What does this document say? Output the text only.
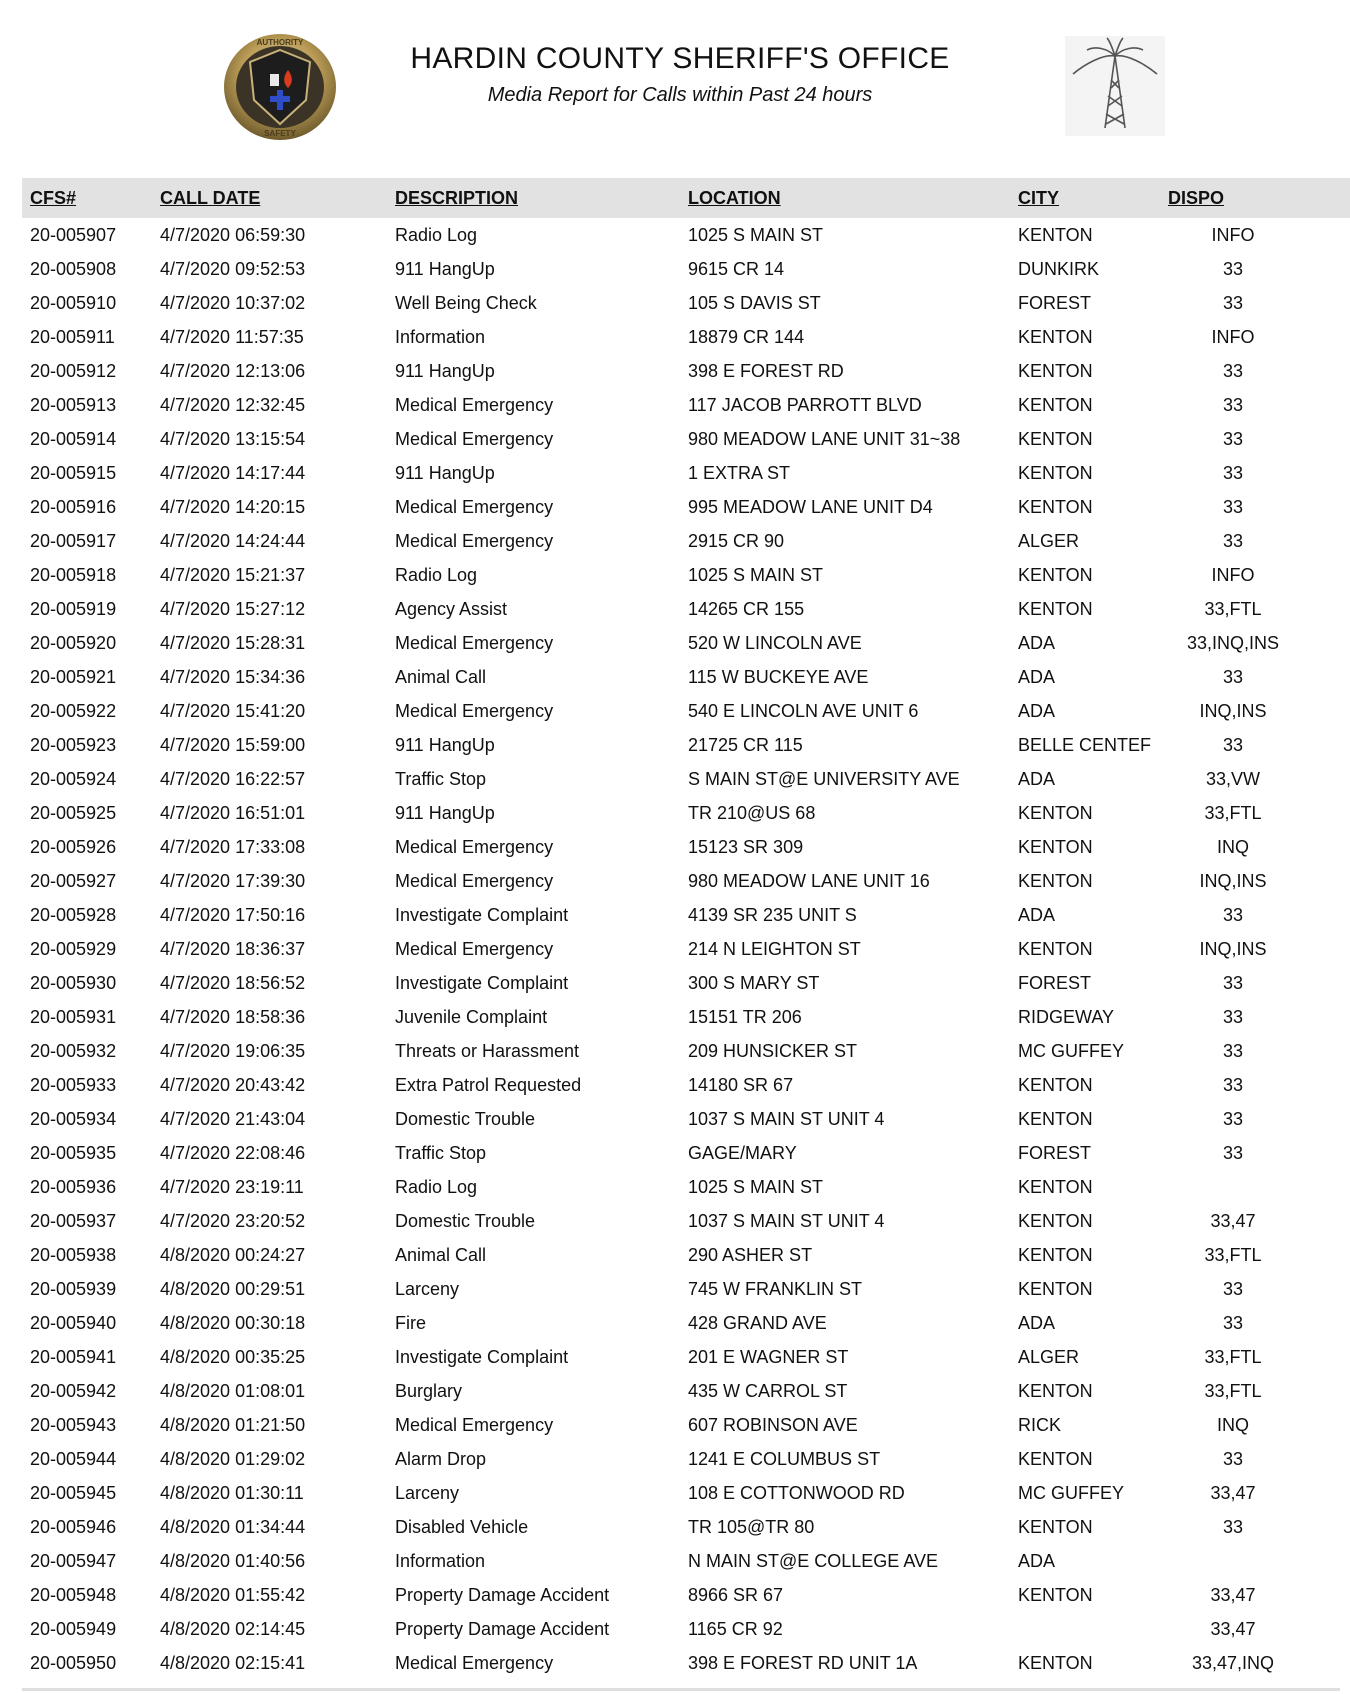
AUTHORITY
SAFETY
HARDIN COUNTY SHERIFF'S OFFICE
Media Report for Calls within Past 24 hours
CFS#	CALL DATE	DESCRIPTION	LOCATION	CITY	DISPO
20-005907	4/7/2020 06:59:30	Radio Log	1025 S MAIN ST	KENTON	INFO
20-005908	4/7/2020 09:52:53	911 HangUp	9615 CR 14	DUNKIRK	33
20-005910	4/7/2020 10:37:02	Well Being Check	105 S DAVIS ST	FOREST	33
20-005911	4/7/2020 11:57:35	Information	18879 CR 144	KENTON	INFO
20-005912	4/7/2020 12:13:06	911 HangUp	398 E FOREST RD	KENTON	33
20-005913	4/7/2020 12:32:45	Medical Emergency	117 JACOB PARROTT BLVD	KENTON	33
20-005914	4/7/2020 13:15:54	Medical Emergency	980 MEADOW LANE UNIT 31~38	KENTON	33
20-005915	4/7/2020 14:17:44	911 HangUp	1 EXTRA ST	KENTON	33
20-005916	4/7/2020 14:20:15	Medical Emergency	995 MEADOW LANE UNIT D4	KENTON	33
20-005917	4/7/2020 14:24:44	Medical Emergency	2915 CR 90	ALGER	33
20-005918	4/7/2020 15:21:37	Radio Log	1025 S MAIN ST	KENTON	INFO
20-005919	4/7/2020 15:27:12	Agency Assist	14265 CR 155	KENTON	33,FTL
20-005920	4/7/2020 15:28:31	Medical Emergency	520 W LINCOLN AVE	ADA	33,INQ,INS
20-005921	4/7/2020 15:34:36	Animal Call	115 W BUCKEYE AVE	ADA	33
20-005922	4/7/2020 15:41:20	Medical Emergency	540 E LINCOLN AVE UNIT 6	ADA	INQ,INS
20-005923	4/7/2020 15:59:00	911 HangUp	21725 CR 115	BELLE CENTEF	33
20-005924	4/7/2020 16:22:57	Traffic Stop	S MAIN ST@E UNIVERSITY AVE	ADA	33,VW
20-005925	4/7/2020 16:51:01	911 HangUp	TR 210@US 68	KENTON	33,FTL
20-005926	4/7/2020 17:33:08	Medical Emergency	15123 SR 309	KENTON	INQ
20-005927	4/7/2020 17:39:30	Medical Emergency	980 MEADOW LANE UNIT 16	KENTON	INQ,INS
20-005928	4/7/2020 17:50:16	Investigate Complaint	4139 SR 235 UNIT S	ADA	33
20-005929	4/7/2020 18:36:37	Medical Emergency	214 N LEIGHTON ST	KENTON	INQ,INS
20-005930	4/7/2020 18:56:52	Investigate Complaint	300 S MARY ST	FOREST	33
20-005931	4/7/2020 18:58:36	Juvenile Complaint	15151 TR 206	RIDGEWAY	33
20-005932	4/7/2020 19:06:35	Threats or Harassment	209 HUNSICKER ST	MC GUFFEY	33
20-005933	4/7/2020 20:43:42	Extra Patrol Requested	14180 SR 67	KENTON	33
20-005934	4/7/2020 21:43:04	Domestic Trouble	1037 S MAIN ST UNIT 4	KENTON	33
20-005935	4/7/2020 22:08:46	Traffic Stop	GAGE/MARY	FOREST	33
20-005936	4/7/2020 23:19:11	Radio Log	1025 S MAIN ST	KENTON	
20-005937	4/7/2020 23:20:52	Domestic Trouble	1037 S MAIN ST UNIT 4	KENTON	33,47
20-005938	4/8/2020 00:24:27	Animal Call	290 ASHER ST	KENTON	33,FTL
20-005939	4/8/2020 00:29:51	Larceny	745 W FRANKLIN ST	KENTON	33
20-005940	4/8/2020 00:30:18	Fire	428 GRAND AVE	ADA	33
20-005941	4/8/2020 00:35:25	Investigate Complaint	201 E WAGNER ST	ALGER	33,FTL
20-005942	4/8/2020 01:08:01	Burglary	435 W CARROL ST	KENTON	33,FTL
20-005943	4/8/2020 01:21:50	Medical Emergency	607 ROBINSON AVE	RICK	INQ
20-005944	4/8/2020 01:29:02	Alarm Drop	1241 E COLUMBUS ST	KENTON	33
20-005945	4/8/2020 01:30:11	Larceny	108 E COTTONWOOD RD	MC GUFFEY	33,47
20-005946	4/8/2020 01:34:44	Disabled Vehicle	TR 105@TR 80	KENTON	33
20-005947	4/8/2020 01:40:56	Information	N MAIN ST@E COLLEGE AVE	ADA	
20-005948	4/8/2020 01:55:42	Property Damage Accident	8966 SR 67	KENTON	33,47
20-005949	4/8/2020 02:14:45	Property Damage Accident	1165 CR 92		33,47
20-005950	4/8/2020 02:15:41	Medical Emergency	398 E FOREST RD UNIT 1A	KENTON	33,47,INQ
